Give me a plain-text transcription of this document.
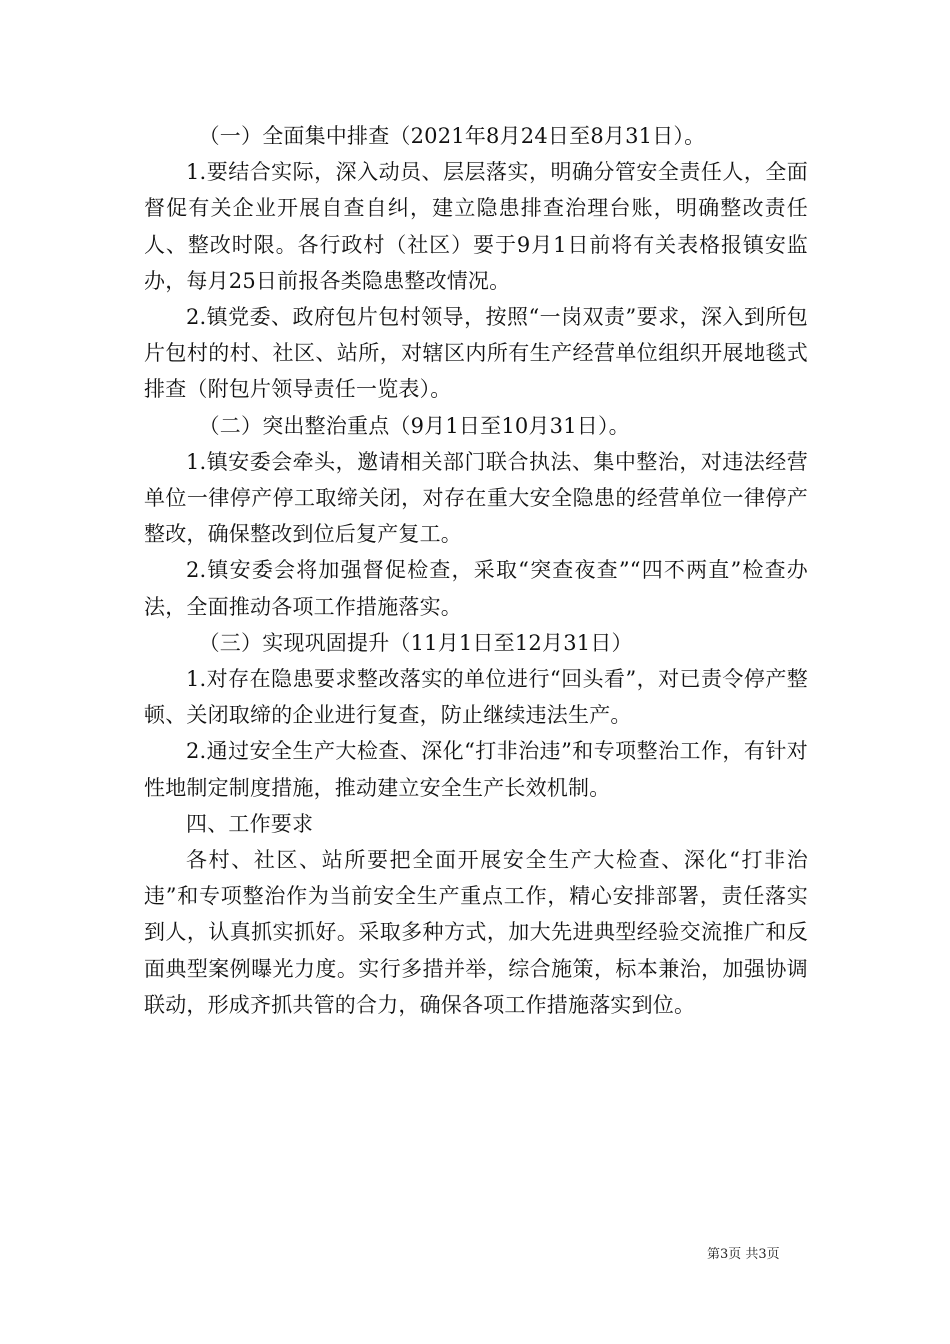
（一）全面集中排查（2021年8月24日至8月31日）。

1.要结合实际，深入动员、层层落实，明确分管安全责任人，全面督促有关企业开展自查自纠，建立隐患排查治理台账，明确整改责任人、整改时限。各行政村（社区）要于9月1日前将有关表格报镇安监办，每月25日前报各类隐患整改情况。

2.镇党委、政府包片包村领导，按照“一岗双责”要求，深入到所包片包村的村、社区、站所，对辖区内所有生产经营单位组织开展地毯式排查（附包片领导责任一览表）。

（二）突出整治重点（9月1日至10月31日）。

1.镇安委会牵头，邀请相关部门联合执法、集中整治，对违法经营单位一律停产停工取缔关闭，对存在重大安全隐患的经营单位一律停产整改，确保整改到位后复产复工。

2.镇安委会将加强督促检查，采取“突查夜查”“四不两直”检查办法，全面推动各项工作措施落实。

（三）实现巩固提升（11月1日至12月31日）

1.对存在隐患要求整改落实的单位进行“回头看”，对已责令停产整顿、关闭取缔的企业进行复查，防止继续违法生产。

2.通过安全生产大检查、深化“打非治违”和专项整治工作，有针对性地制定制度措施，推动建立安全生产长效机制。

四、工作要求

各村、社区、站所要把全面开展安全生产大检查、深化“打非治违”和专项整治作为当前安全生产重点工作，精心安排部署，责任落实到人，认真抓实抓好。采取多种方式，加大先进典型经验交流推广和反面典型案例曝光力度。实行多措并举，综合施策，标本兼治，加强协调联动，形成齐抓共管的合力，确保各项工作措施落实到位。

第3页 共3页
